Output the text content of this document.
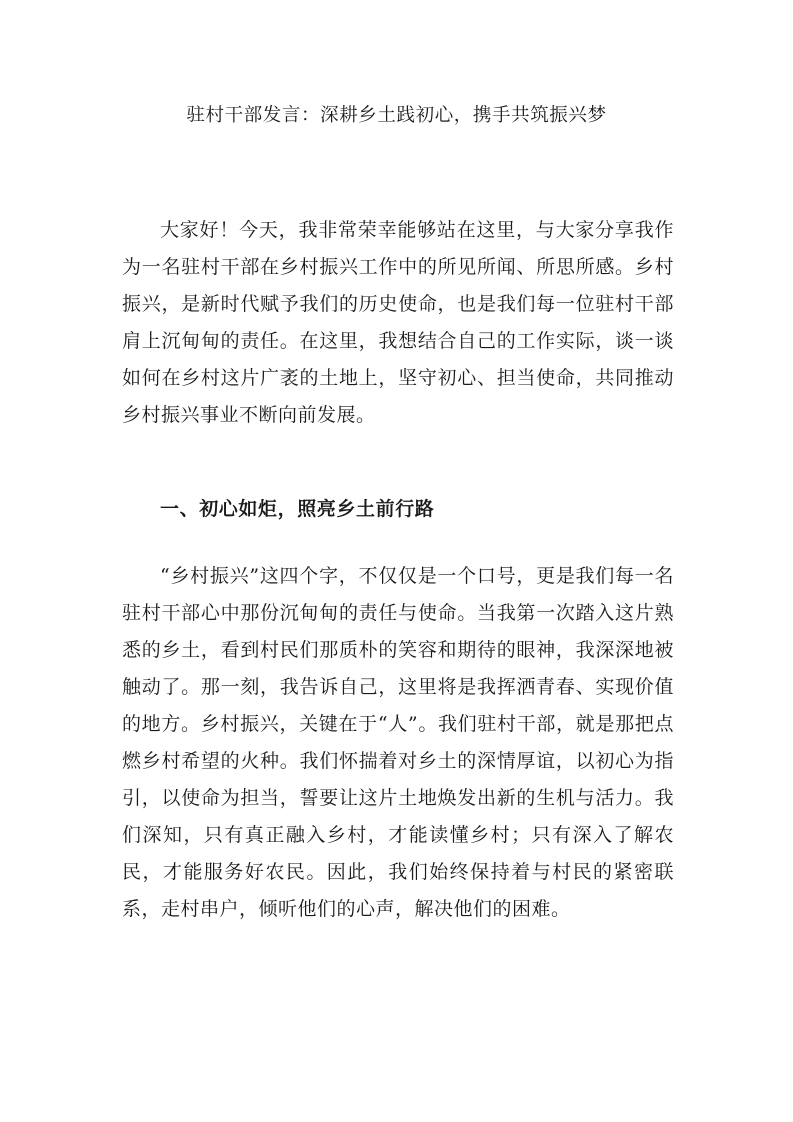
驻村干部发言：深耕乡土践初心，携手共筑振兴梦

大家好！今天，我非常荣幸能够站在这里，与大家分享我作为一名驻村干部在乡村振兴工作中的所见所闻、所思所感。乡村振兴，是新时代赋予我们的历史使命，也是我们每一位驻村干部肩上沉甸甸的责任。在这里，我想结合自己的工作实际，谈一谈如何在乡村这片广袤的土地上，坚守初心、担当使命，共同推动乡村振兴事业不断向前发展。

一、初心如炬，照亮乡土前行路

“乡村振兴”这四个字，不仅仅是一个口号，更是我们每一名驻村干部心中那份沉甸甸的责任与使命。当我第一次踏入这片熟悉的乡土，看到村民们那质朴的笑容和期待的眼神，我深深地被触动了。那一刻，我告诉自己，这里将是我挥洒青春、实现价值的地方。乡村振兴，关键在于“人”。我们驻村干部，就是那把点燃乡村希望的火种。我们怀揣着对乡土的深情厚谊，以初心为指引，以使命为担当，誓要让这片土地焕发出新的生机与活力。我们深知，只有真正融入乡村，才能读懂乡村；只有深入了解农民，才能服务好农民。因此，我们始终保持着与村民的紧密联系，走村串户，倾听他们的心声，解决他们的困难。
